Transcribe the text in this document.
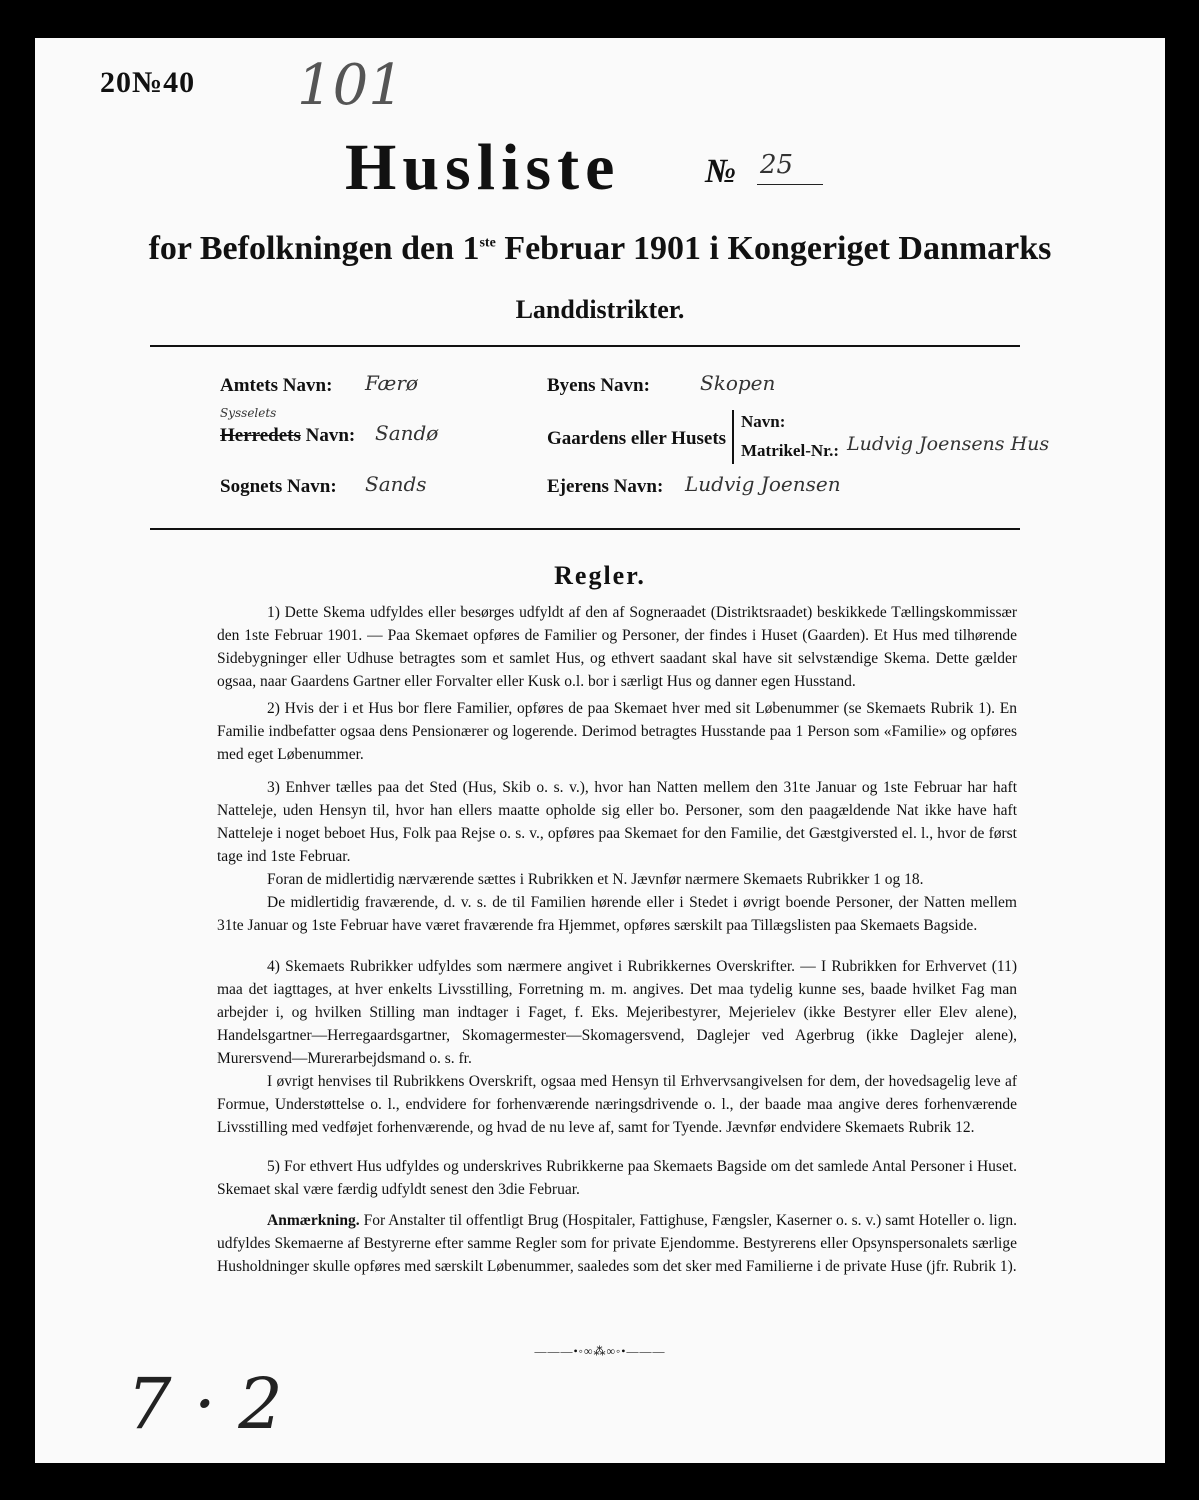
20№40 101
Husliste № 25
for Befolkningen den 1ste Februar 1901 i Kongeriget Danmarks
Landdistrikter.
Amtets Navn: Færø
Sysselets
Herredets Navn: Sandø
Sognets Navn: Sands
Byens Navn:	Skopen
Gaardens eller Husets
Navn:
Matrikel-Nr.: Ludvig Joensens Hus
Ejerens Navn: Ludvig Joensen
Regler.

1) Dette Skema udfyldes eller besørges udfyldt af den af Sogneraadet (Distriktsraadet) beskikkede Tællingskommissær den 1ste Februar 1901. — Paa Skemaet opføres de Familier og Personer, der findes i Huset (Gaarden). Et Hus med tilhørende Sidebygninger eller Udhuse betragtes som et samlet Hus, og ethvert saadant skal have sit selvstændige Skema. Dette gælder ogsaa, naar Gaardens Gartner eller Forvalter eller Kusk o.l. bor i særligt Hus og danner egen Husstand.

2) Hvis der i et Hus bor flere Familier, opføres de paa Skemaet hver med sit Løbenummer (se Skemaets Rubrik 1). En Familie indbefatter ogsaa dens Pensionærer og logerende. Derimod betragtes Husstande paa 1 Person som «Familie» og opføres med eget Løbenummer.

3) Enhver tælles paa det Sted (Hus, Skib o. s. v.), hvor han Natten mellem den 31te Januar og 1ste Februar har haft Natteleje, uden Hensyn til, hvor han ellers maatte opholde sig eller bo. Personer, som den paagældende Nat ikke have haft Natteleje i noget beboet Hus, Folk paa Rejse o. s. v., opføres paa Skemaet for den Familie, det Gæstgiversted el. l., hvor de først tage ind 1ste Februar.

Foran de midlertidig nærværende sættes i Rubrikken et N. Jævnfør nærmere Skemaets Rubrikker 1 og 18.

De midlertidig fraværende, d. v. s. de til Familien hørende eller i Stedet i øvrigt boende Personer, der Natten mellem 31te Januar og 1ste Februar have været fraværende fra Hjemmet, opføres særskilt paa Tillægslisten paa Skemaets Bagside.

4) Skemaets Rubrikker udfyldes som nærmere angivet i Rubrikkernes Overskrifter. — I Rubrikken for Erhvervet (11) maa det iagttages, at hver enkelts Livsstilling, Forretning m. m. angives. Det maa tydelig kunne ses, baade hvilket Fag man arbejder i, og hvilken Stilling man indtager i Faget, f. Eks. Mejeribestyrer, Mejerielev (ikke Bestyrer eller Elev alene), Handelsgartner—Herregaardsgartner, Skomagermester—Skomagersvend, Daglejer ved Agerbrug (ikke Daglejer alene), Murersvend—Murerarbejdsmand o. s. fr.

I øvrigt henvises til Rubrikkens Overskrift, ogsaa med Hensyn til Erhvervsangivelsen for dem, der hovedsagelig leve af Formue, Understøttelse o. l., endvidere for forhenværende næringsdrivende o. l., der baade maa angive deres forhenværende Livsstilling med vedføjet forhenværende, og hvad de nu leve af, samt for Tyende. Jævnfør endvidere Skemaets Rubrik 12.

5) For ethvert Hus udfyldes og underskrives Rubrikkerne paa Skemaets Bagside om det samlede Antal Personer i Huset. Skemaet skal være færdig udfyldt senest den 3die Februar.

Anmærkning. For Anstalter til offentligt Brug (Hospitaler, Fattighuse, Fængsler, Kaserner o. s. v.) samt Hoteller o. lign. udfyldes Skemaerne af Bestyrerne efter samme Regler som for private Ejendomme. Bestyrerens eller Opsynspersonalets særlige Husholdninger skulle opføres med særskilt Løbenummer, saaledes som det sker med Familierne i de private Huse (jfr. Rubrik 1).

———•◦∞⁂∞◦•———
7 · 2
